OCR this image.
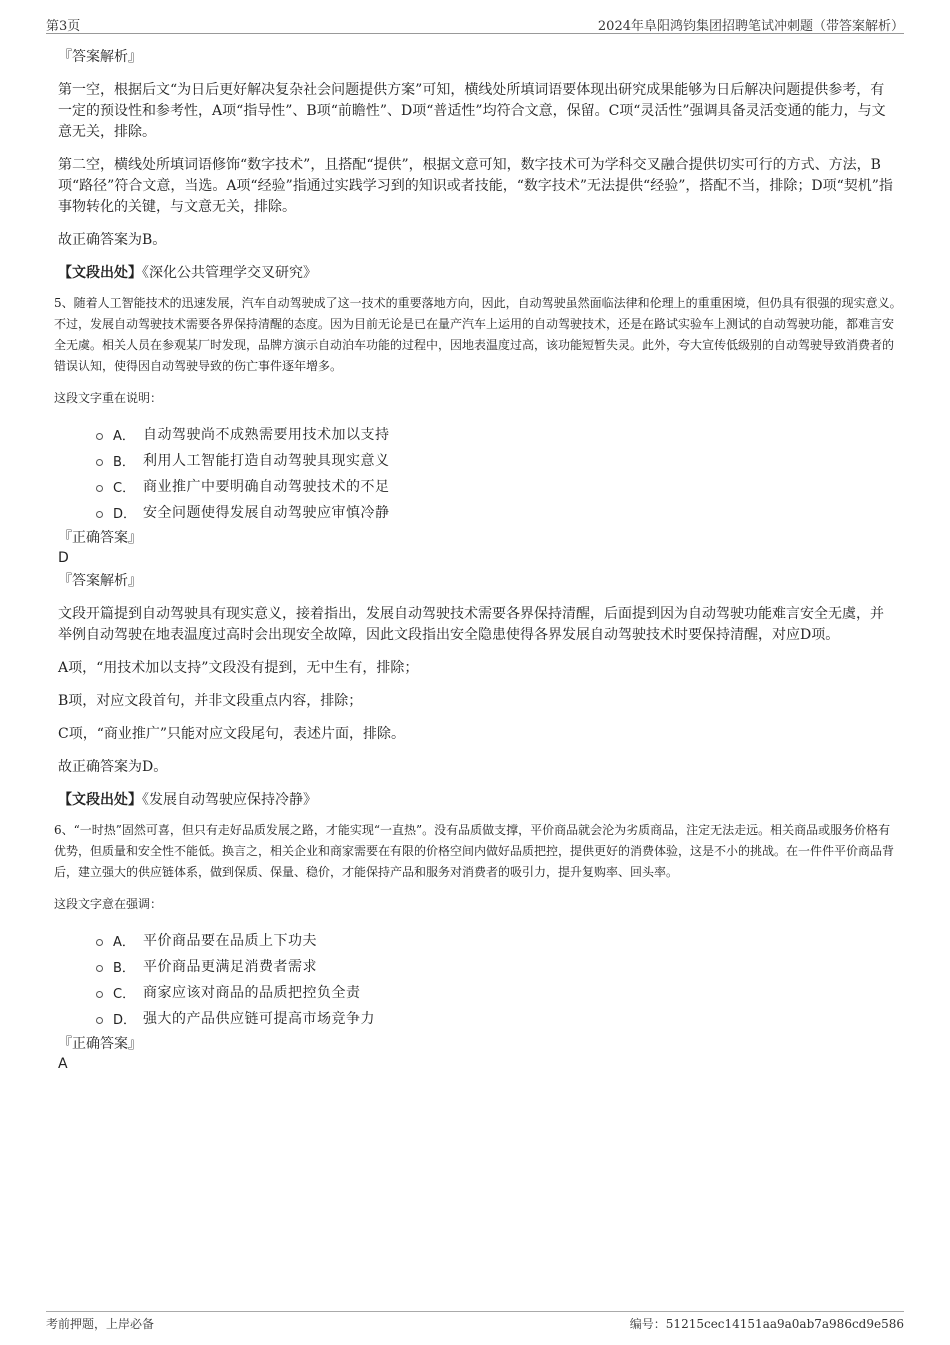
第3页	2024年阜阳鸿钧集团招聘笔试冲刺题（带答案解析）
『答案解析』

第一空，根据后文“为日后更好解决复杂社会问题提供方案”可知，横线处所填词语要体现出研究成果能够为日后解决问题提供参考，有一定的预设性和参考性，A项“指导性”、B项“前瞻性”、D项“普适性”均符合文意，保留。C项“灵活性”强调具备灵活变通的能力，与文意无关，排除。

第二空，横线处所填词语修饰“数字技术”，且搭配“提供”，根据文意可知，数字技术可为学科交叉融合提供切实可行的方式、方法，B项“路径”符合文意，当选。A项“经验”指通过实践学习到的知识或者技能，“数字技术”无法提供“经验”，搭配不当，排除；D项“契机”指事物转化的关键，与文意无关，排除。

故正确答案为B。

【文段出处】《深化公共管理学交叉研究》
5、随着人工智能技术的迅速发展，汽车自动驾驶成了这一技术的重要落地方向，因此，自动驾驶虽然面临法律和伦理上的重重困境，但仍具有很强的现实意义。不过，发展自动驾驶技术需要各界保持清醒的态度。因为目前无论是已在量产汽车上运用的自动驾驶技术，还是在路试实验车上测试的自动驾驶功能，都难言安全无虞。相关人员在参观某厂时发现，品牌方演示自动泊车功能的过程中，因地表温度过高，该功能短暂失灵。此外，夸大宣传低级别的自动驾驶导致消费者的错误认知，使得因自动驾驶导致的伤亡事件逐年增多。
这段文字重在说明：
A． 自动驾驶尚不成熟需要用技术加以支持
B． 利用人工智能打造自动驾驶具现实意义
C． 商业推广中要明确自动驾驶技术的不足
D． 安全问题使得发展自动驾驶应审慎冷静
『正确答案』
D
『答案解析』

文段开篇提到自动驾驶具有现实意义，接着指出，发展自动驾驶技术需要各界保持清醒，后面提到因为自动驾驶功能难言安全无虞，并举例自动驾驶在地表温度过高时会出现安全故障，因此文段指出安全隐患使得各界发展自动驾驶技术时要保持清醒，对应D项。

A项，“用技术加以支持”文段没有提到，无中生有，排除；

B项，对应文段首句，并非文段重点内容，排除；

C项，“商业推广”只能对应文段尾句，表述片面，排除。

故正确答案为D。

【文段出处】《发展自动驾驶应保持冷静》
6、“一时热”固然可喜，但只有走好品质发展之路，才能实现“一直热”。没有品质做支撑，平价商品就会沦为劣质商品，注定无法走远。相关商品或服务价格有优势，但质量和安全性不能低。换言之，相关企业和商家需要在有限的价格空间内做好品质把控，提供更好的消费体验，这是不小的挑战。在一件件平价商品背后，建立强大的供应链体系，做到保质、保量、稳价，才能保持产品和服务对消费者的吸引力，提升复购率、回头率。
这段文字意在强调：
A． 平价商品要在品质上下功夫
B． 平价商品更满足消费者需求
C． 商家应该对商品的品质把控负全责
D． 强大的产品供应链可提高市场竞争力
『正确答案』
A
考前押题，上岸必备	编号：51215cec14151aa9a0ab7a986cd9e586
